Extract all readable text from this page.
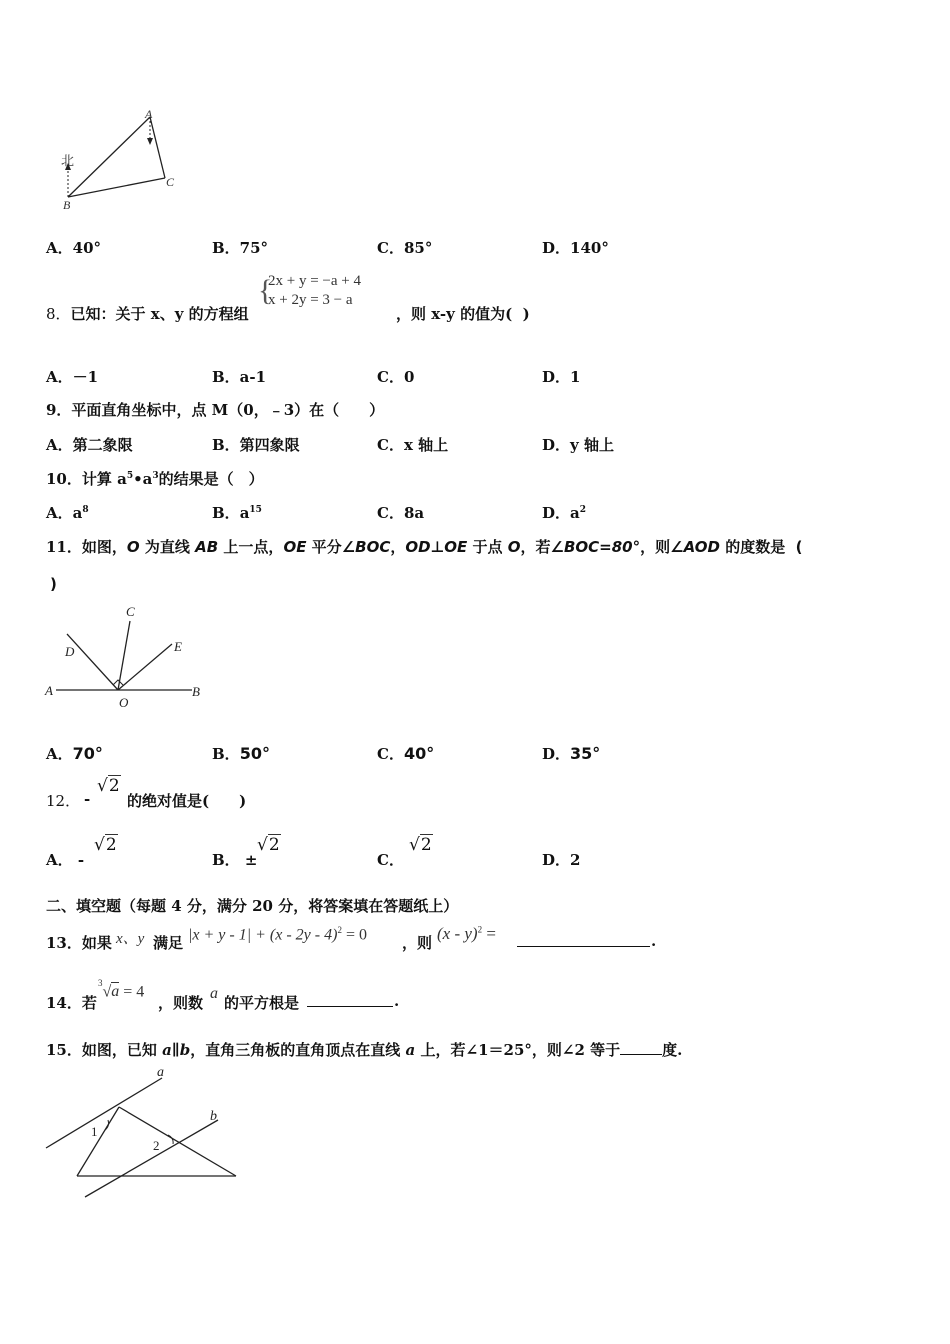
北
A
B
C
A．40°	B．75°	C．85°	D．140°
8．已知：关于 x、y 的方程组
{
2x + y = −a + 4
x + 2y = 3 − a
，则 x-y 的值为( )
A．－1	B．a-1	C．0	D．1
9．平面直角坐标中，点 M（0，﹣3）在（　　）
A．第二象限	B．第四象限	C．x 轴上	D．y 轴上
10．计算 $a^5•a^3$的结果是（　）
A．$a^8$	B．$a^{15}$	C．8a	D．$a^2$
11．如图，O 为直线 AB 上一点，OE 平分∠BOC，OD⊥OE 于点 O，若∠BOC=80°，则∠AOD 的度数是 (
)
A	B
C
D	E
O
A．70°	B．50°	C．40°	D．35°
12． -
√2
的绝对值是(　　)
A． -
√2
B． ±
√2
C．
√2
D．2
二、填空题（每题 4 分，满分 20 分，将答案填在答题纸上）
13．如果 x、y 满足 |x + y - 1| + (x - 2y - 4)$^2$ = 0 ，则 (x - y)$^2$ =	.
14．若
$^3$√a = 4
，则数
a
的平方根是	.
15．如图，已知 a∥b，直角三角板的直角顶点在直线 a 上，若∠1＝25°，则∠2 等于	度.
a
b
1
2
